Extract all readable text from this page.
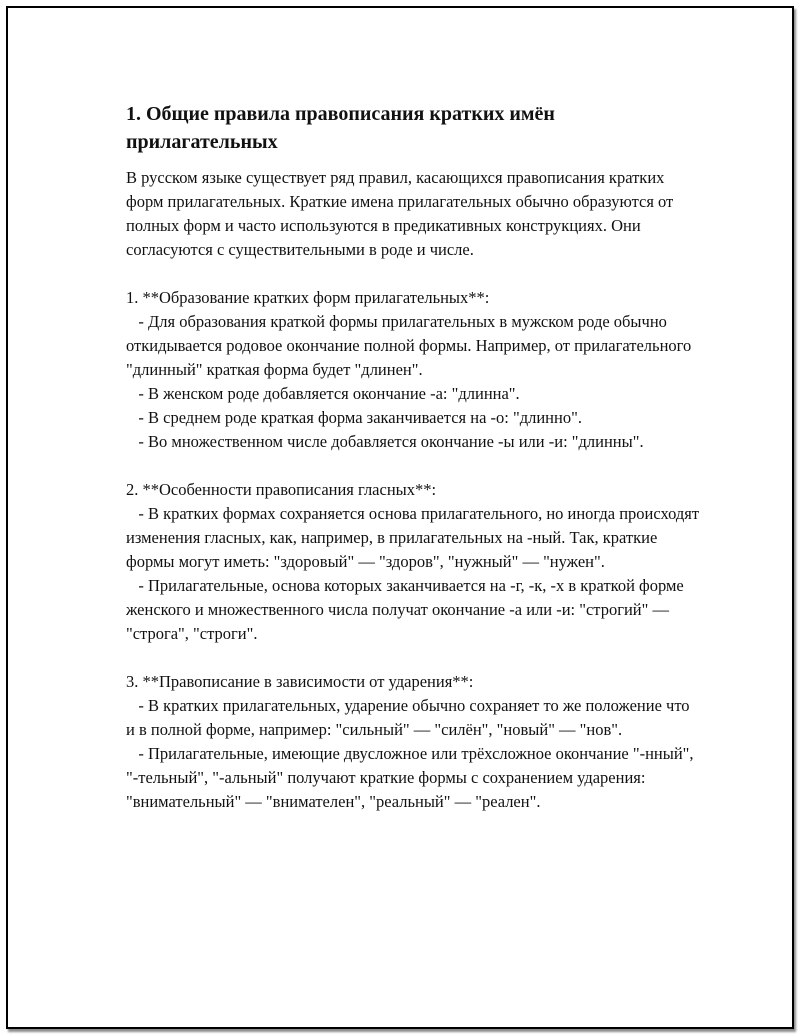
1. Общие правила правописания кратких имён прилагательных

В русском языке существует ряд правил, касающихся правописания кратких форм прилагательных. Краткие имена прилагательных обычно образуются от полных форм и часто используются в предикативных конструкциях. Они согласуются с существительными в роде и числе.

1. **Образование кратких форм прилагательных**:

- Для образования краткой формы прилагательных в мужском роде обычно откидывается родовое окончание полной формы. Например, от прилагательного "длинный" краткая форма будет "длинен".

- В женском роде добавляется окончание -а: "длинна".

- В среднем роде краткая форма заканчивается на -о: "длинно".

- Во множественном числе добавляется окончание -ы или -и: "длинны".

2. **Особенности правописания гласных**:

- В кратких формах сохраняется основа прилагательного, но иногда происходят изменения гласных, как, например, в прилагательных на -ный. Так, краткие формы могут иметь: "здоровый" — "здоров", "нужный" — "нужен".

- Прилагательные, основа которых заканчивается на -г, -к, -х в краткой форме женского и множественного числа получат окончание -а или -и: "строгий" — "строга", "строги".

3. **Правописание в зависимости от ударения**:

- В кратких прилагательных, ударение обычно сохраняет то же положение что и в полной форме, например: "сильный" — "силён", "новый" — "нов".

- Прилагательные, имеющие двусложное или трёхсложное окончание "-нный", "-тельный", "-альный" получают краткие формы с сохранением ударения: "внимательный" — "внимателен", "реальный" — "реален".
